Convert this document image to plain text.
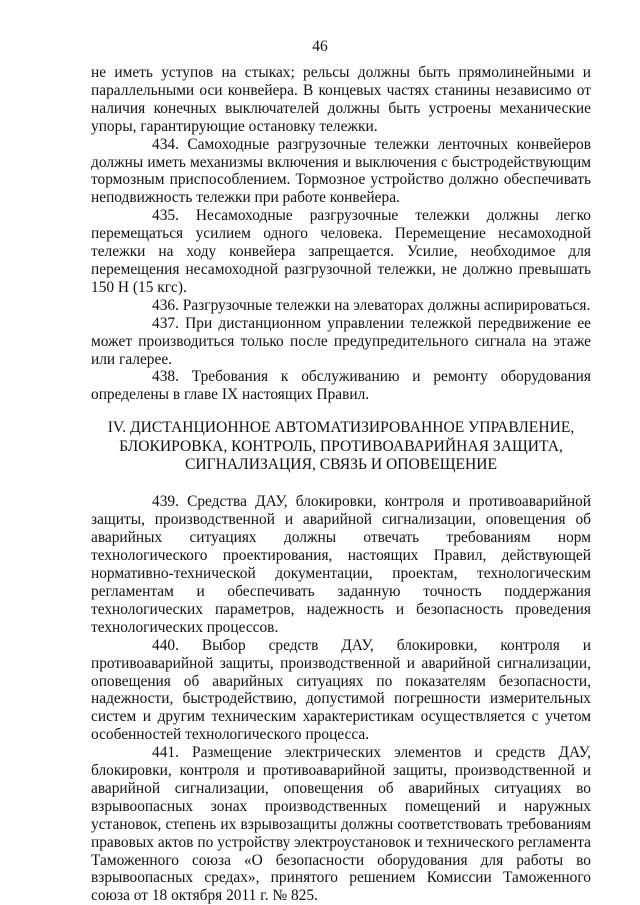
46

не иметь уступов на стыках; рельсы должны быть прямолинейными и параллельными оси конвейера. В концевых частях станины независимо от наличия конечных выключателей должны быть устроены механические упоры, гарантирующие остановку тележки.

434. Самоходные разгрузочные тележки ленточных конвейеров должны иметь механизмы включения и выключения с быстродействующим тормозным приспособлением. Тормозное устройство должно обеспечивать неподвижность тележки при работе конвейера.

435. Несамоходные разгрузочные тележки должны легко перемещаться усилием одного человека. Перемещение несамоходной тележки на ходу конвейера запрещается. Усилие, необходимое для перемещения несамоходной разгрузочной тележки, не должно превышать 150 Н (15 кгс).

436. Разгрузочные тележки на элеваторах должны аспирироваться.

437. При дистанционном управлении тележкой передвижение ее может производиться только после предупредительного сигнала на этаже или галерее.

438. Требования к обслуживанию и ремонту оборудования определены в главе IX настоящих Правил.

IV. ДИСТАНЦИОННОЕ АВТОМАТИЗИРОВАННОЕ УПРАВЛЕНИЕ,
БЛОКИРОВКА, КОНТРОЛЬ, ПРОТИВОАВАРИЙНАЯ ЗАЩИТА,
СИГНАЛИЗАЦИЯ, СВЯЗЬ И ОПОВЕЩЕНИЕ

439. Средства ДАУ, блокировки, контроля и противоаварийной защиты, производственной и аварийной сигнализации, оповещения об аварийных ситуациях должны отвечать требованиям норм технологического проектирования, настоящих Правил, действующей нормативно-технической документации, проектам, технологическим регламентам и обеспечивать заданную точность поддержания технологических параметров, надежность и безопасность проведения технологических процессов.

440. Выбор средств ДАУ, блокировки, контроля и противоаварийной защиты, производственной и аварийной сигнализации, оповещения об аварийных ситуациях по показателям безопасности, надежности, быстродействию, допустимой погрешности измерительных систем и другим техническим характеристикам осуществляется с учетом особенностей технологического процесса.

441. Размещение электрических элементов и средств ДАУ, блокировки, контроля и противоаварийной защиты, производственной и аварийной сигнализации, оповещения об аварийных ситуациях во взрывоопасных зонах производственных помещений и наружных установок, степень их взрывозащиты должны соответствовать требованиям правовых актов по устройству электроустановок и технического регламента Таможенного союза «О безопасности оборудования для работы во взрывоопасных средах», принятого решением Комиссии Таможенного союза от 18 октября 2011 г. № 825.
